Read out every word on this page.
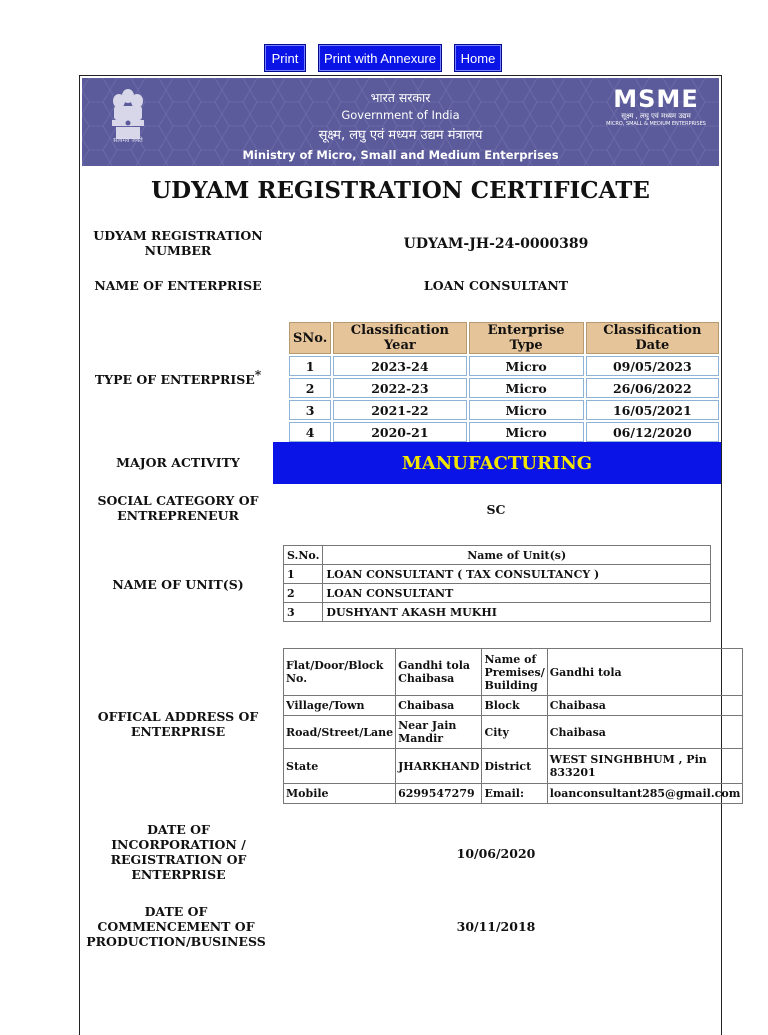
Print	Print with Annexure	Home
सत्यमेव जयते
भारत सरकार
Government of India
सूक्ष्म, लघु एवं मध्यम उद्यम मंत्रालय
Ministry of Micro, Small and Medium Enterprises
MSME
सूक्ष्म , लघु एवं मध्यम उद्यम
MICRO, SMALL & MEDIUM ENTERPRISES
UDYAM REGISTRATION CERTIFICATE
UDYAM REGISTRATION NUMBER	UDYAM-JH-24-0000389
NAME OF ENTERPRISE	LOAN CONSULTANT
TYPE OF ENTERPRISE*
SNo.	Classification Year	Enterprise Type	Classification Date
1	2023-24	Micro	09/05/2023
2	2022-23	Micro	26/06/2022
3	2021-22	Micro	16/05/2021
4	2020-21	Micro	06/12/2020
MAJOR ACTIVITY	MANUFACTURING
SOCIAL CATEGORY OF ENTREPRENEUR	SC
NAME OF UNIT(S)
S.No.	Name of Unit(s)
1	LOAN CONSULTANT ( TAX CONSULTANCY )
2	LOAN CONSULTANT
3	DUSHYANT AKASH MUKHI
OFFICAL ADDRESS OF ENTERPRISE
Flat/Door/Block No.	Gandhi tola Chaibasa	Name of Premises/ Building	Gandhi tola
Village/Town	Chaibasa	Block	Chaibasa
Road/Street/Lane	Near Jain Mandir	City	Chaibasa
State	JHARKHAND	District	WEST SINGHBHUM , Pin 833201
Mobile	6299547279	Email:	loanconsultant285@gmail.com
DATE OF INCORPORATION / REGISTRATION OF ENTERPRISE
10/06/2020
DATE OF COMMENCEMENT OF PRODUCTION/BUSINESS
30/11/2018
